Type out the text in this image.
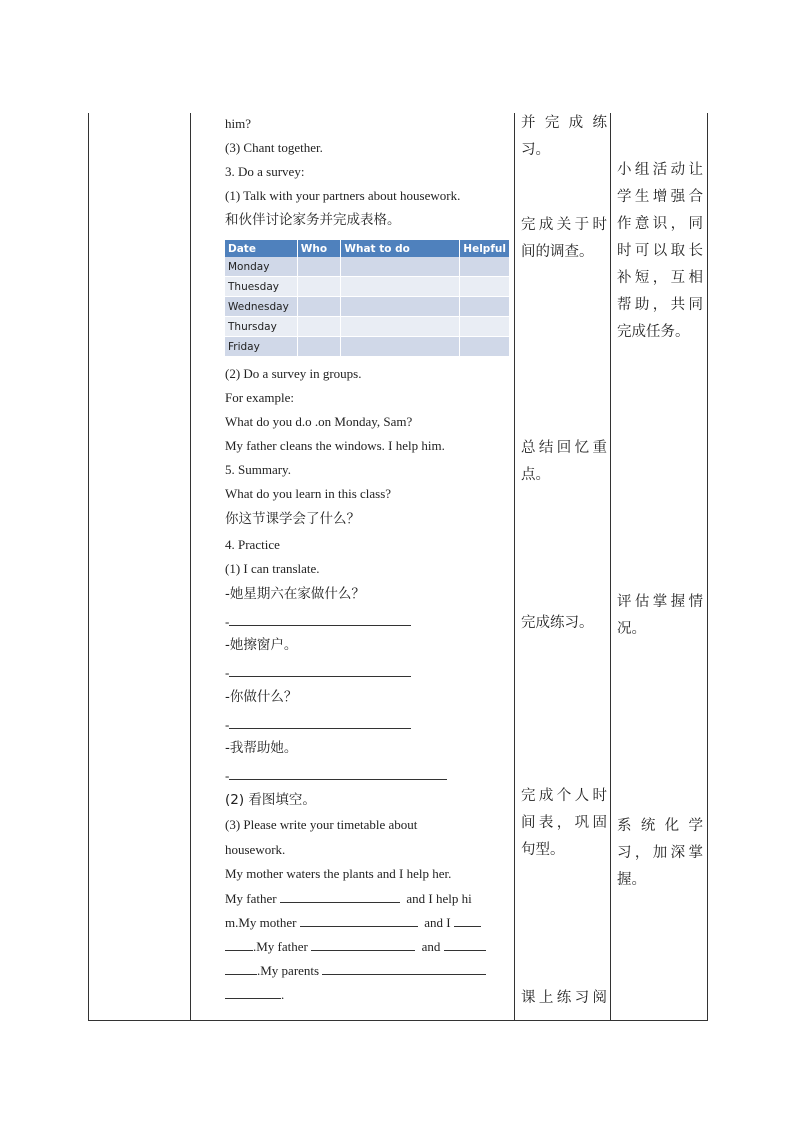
him?
(3) Chant together.
3. Do a survey:
(1) Talk with your partners about housework.
和伙伴讨论家务并完成表格。
(2) Do a survey in groups.
For example:
What do you d.o .on Monday, Sam?
My father cleans the windows. I help him.
5. Summary.
What do you learn in this class?
你这节课学会了什么？
4. Practice
(1) I can translate.
-她星期六在家做什么？
-
-她擦窗户。
-
-你做什么？
-
-我帮助她。
-
(2) 看图填空。
(3) Please write your timetable about
housework.
My mother waters the plants and I help her.
My father	and I help hi
m.My mother	and I
.My father	and
.My parents
.
Date	Who	What to do	Helpful
Monday			
Thuesday			
Wednesday			
Thursday			
Friday			
并完成练
习。
完成关于时
间的调查。
总结回忆重
点。
完成练习。
完成个人时
间表，巩固
句型。
课上练习阅
小组活动让
学生增强合
作意识，同
时可以取长
补短，互相
帮助，共同
完成任务。
评估掌握情
况。
系统化学
习，加深掌
握。
